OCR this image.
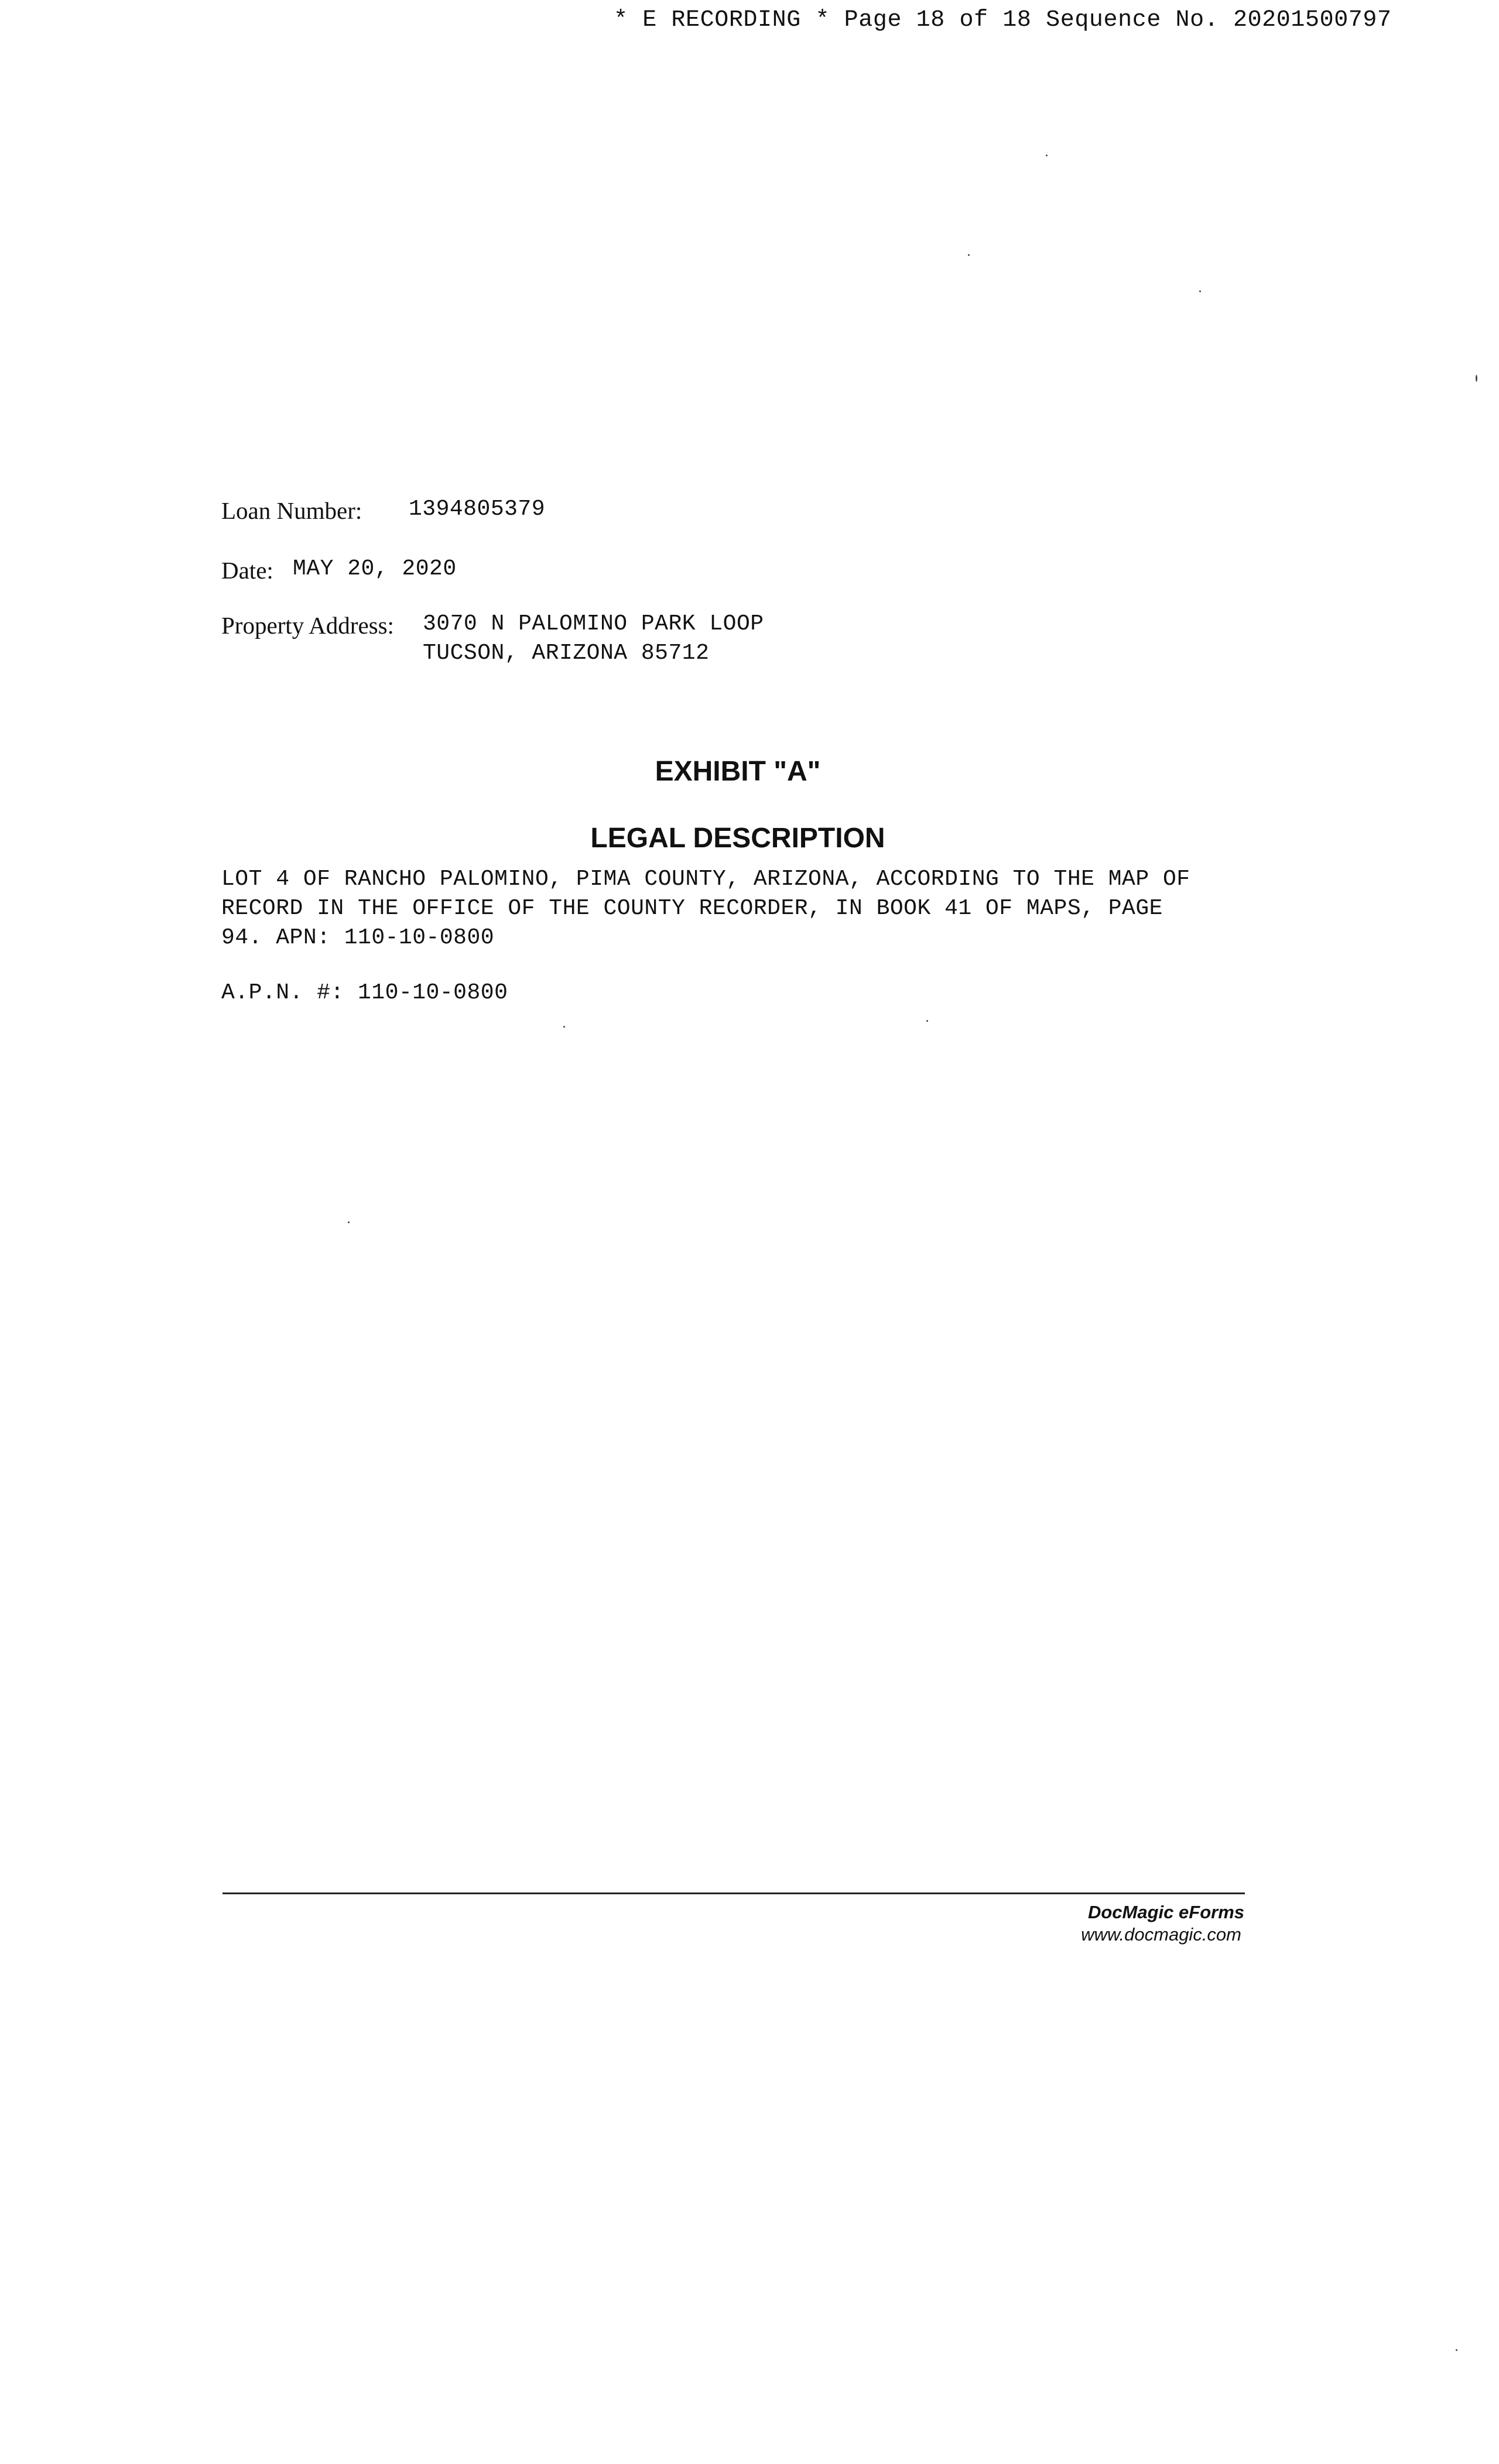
* E RECORDING * Page 18 of 18 Sequence No. 20201500797
Loan Number: 1394805379
Date: MAY 20, 2020
Property Address: 3070 N PALOMINO PARK LOOP
TUCSON, ARIZONA 85712
EXHIBIT "A"
LEGAL DESCRIPTION
LOT 4 OF RANCHO PALOMINO, PIMA COUNTY, ARIZONA, ACCORDING TO THE MAP OF
RECORD IN THE OFFICE OF THE COUNTY RECORDER, IN BOOK 41 OF MAPS, PAGE
94. APN: 110-10-0800
A.P.N. #: 110-10-0800
DocMagic eForms
www.docmagic.com
